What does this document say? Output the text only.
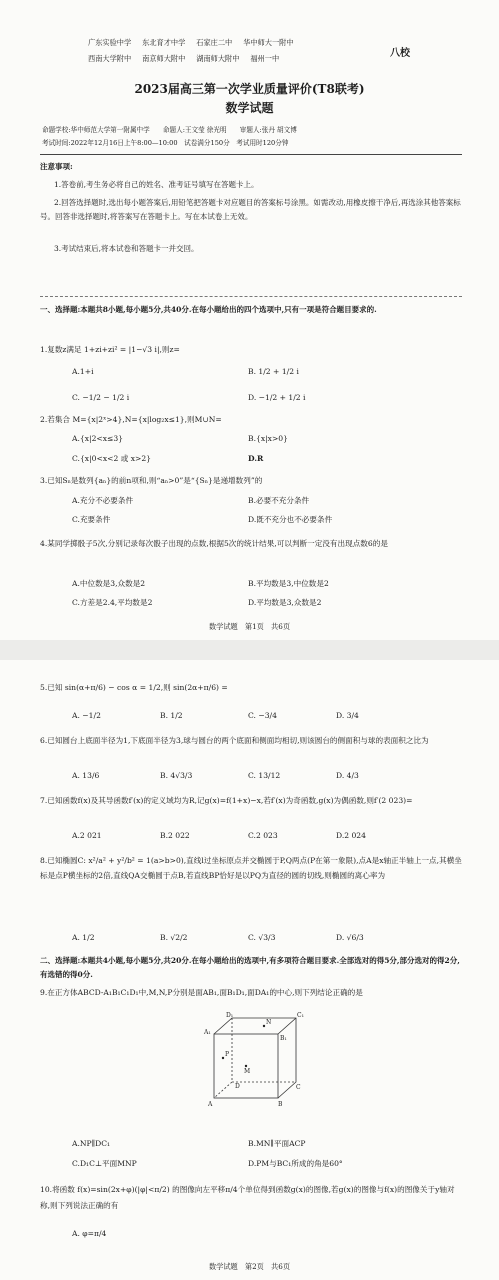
广东实验中学 东北育才中学 石家庄二中 华中师大一附中
西南大学附中 南京师大附中 湖南师大附中 福州一中	八校
2023届高三第一次学业质量评价(T8联考)
数学试题
命题学校:华中师范大学第一附属中学　　命题人:王文莹 徐光明　　审题人:张丹 胡文博
考试时间:2022年12月16日上午8:00—10:00　试卷满分150分　考试用时120分钟
注意事项:
1.答卷前,考生务必将自己的姓名、准考证号填写在答题卡上。
2.回答选择题时,选出每小题答案后,用铅笔把答题卡对应题目的答案标号涂黑。如需改动,用橡皮擦干净后,再选涂其他答案标号。回答非选择题时,将答案写在答题卡上。写在本试卷上无效。
3.考试结束后,将本试卷和答题卡一并交回。
一、选择题:本题共8小题,每小题5分,共40分.在每小题给出的四个选项中,只有一项是符合题目要求的.
1.复数z满足 1+zi+zi² = |1−√3 i|,则z=
A.1+i	B. 1/2 + 1/2 i
C. −1/2 − 1/2 i	D. −1/2 + 1/2 i
2.若集合 M={x|2ˣ>4},N={x|log₂x≤1},则M∪N=
A.{x|2<x≤3}	B.{x|x>0}
C.{x|0<x<2 或 x>2}	D.R
3.已知Sₙ是数列{aₙ}的前n项和,则“aₙ>0”是“{Sₙ}是递增数列”的
A.充分不必要条件	B.必要不充分条件
C.充要条件	D.既不充分也不必要条件
4.某同学掷骰子5次,分别记录每次骰子出现的点数,根据5次的统计结果,可以判断一定没有出现点数6的是
A.中位数是3,众数是2	B.平均数是3,中位数是2
C.方差是2.4,平均数是2	D.平均数是3,众数是2
数学试题　第1页　共6页
5.已知 sin(α+π/6) − cos α = 1/2,则 sin(2α+π/6) =
A. −1/2	B. 1/2	C. −3/4	D. 3/4
6.已知圆台上底面半径为1,下底面半径为3,球与圆台的两个底面和侧面均相切,则该圆台的侧面积与球的表面积之比为
A. 13/6	B. 4√3/3	C. 13/12	D. 4/3
7.已知函数f(x)及其导函数f′(x)的定义域均为R,记g(x)=f(1+x)−x,若f′(x)为奇函数,g(x)为偶函数,则f′(2 023)=
A.2 021	B.2 022	C.2 023	D.2 024
8.已知椭圆C: x²/a² + y²/b² = 1(a>b>0),直线l过坐标原点并交椭圆于P,Q两点(P在第一象限),点A是x轴正半轴上一点,其横坐标是点P横坐标的2倍,直线QA交椭圆于点B,若直线BP恰好是以PQ为直径的圆的切线,则椭圆的离心率为
A. 1/2	B. √2/2	C. √3/3	D. √6/3
二、选择题:本题共4小题,每小题5分,共20分.在每小题给出的选项中,有多项符合题目要求.全部选对的得5分,部分选对的得2分,有选错的得0分.
9.在正方体ABCD-A₁B₁C₁D₁中,M,N,P分别是面AB₁,面B₁D₁,面DA₁的中心,则下列结论正确的是
D₁
N
C₁
A₁
B₁
P
M
D	C
A	B
A.NP∥DC₁	B.MN∥平面ACP
C.D₁C⊥平面MNP	D.PM与BC₁所成的角是60°
10.将函数 f(x)=sin(2x+φ)(|φ|<π/2) 的图像向左平移π/4个单位得到函数g(x)的图像,若g(x)的图像与f(x)的图像关于y轴对称,则下列说法正确的有
A. φ=π/4
数学试题　第2页　共6页
